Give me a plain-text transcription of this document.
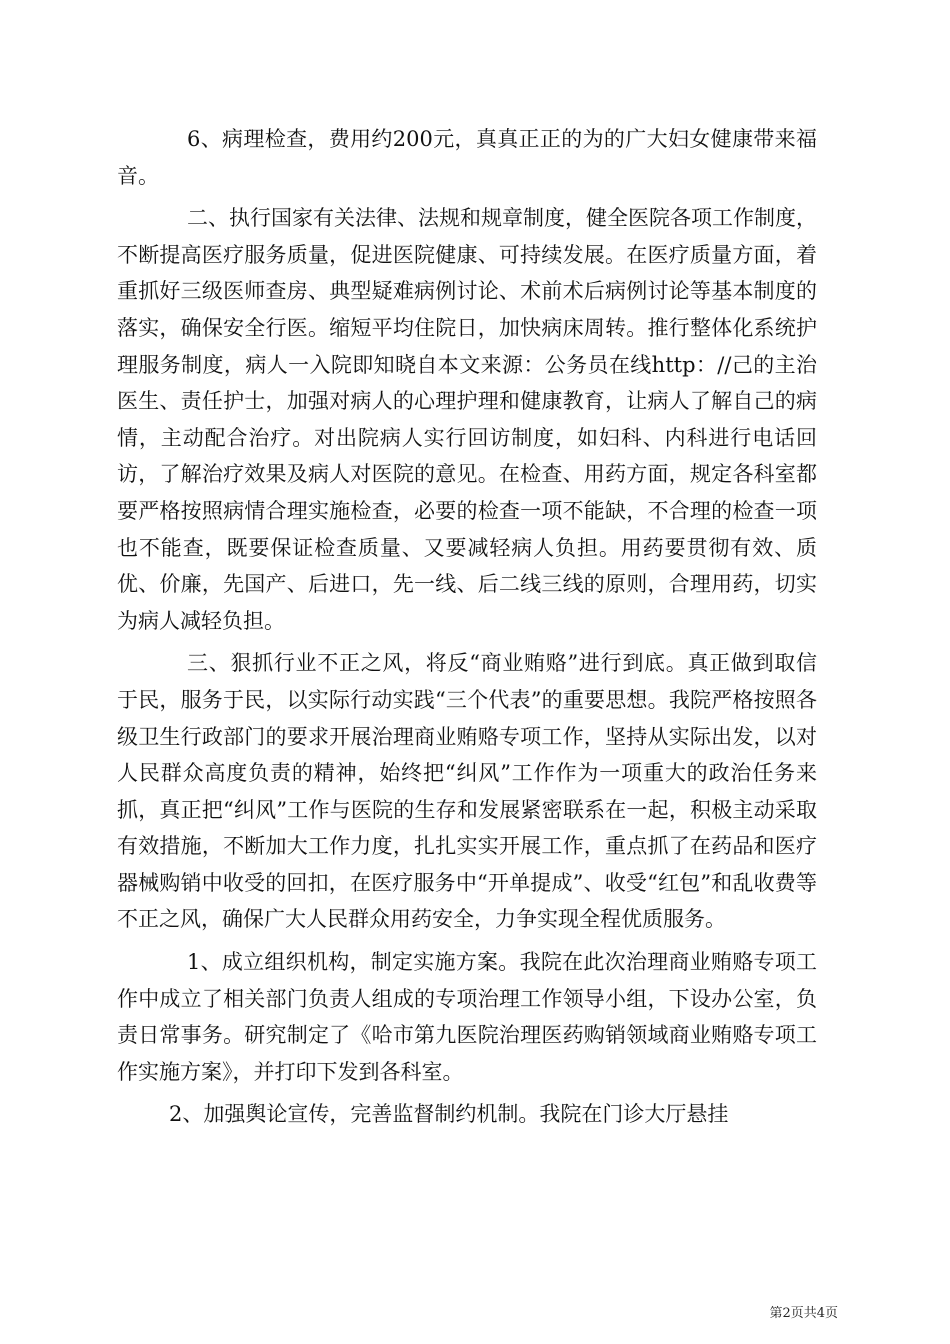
6、病理检查，费用约200元，真真正正的为的广大妇女健康带来福音。

二、执行国家有关法律、法规和规章制度，健全医院各项工作制度，不断提高医疗服务质量，促进医院健康、可持续发展。在医疗质量方面，着重抓好三级医师查房、典型疑难病例讨论、术前术后病例讨论等基本制度的落实，确保安全行医。缩短平均住院日，加快病床周转。推行整体化系统护理服务制度，病人一入院即知晓自本文来源：公务员在线http：//己的主治医生、责任护士，加强对病人的心理护理和健康教育，让病人了解自己的病情，主动配合治疗。对出院病人实行回访制度，如妇科、内科进行电话回访，了解治疗效果及病人对医院的意见。在检查、用药方面，规定各科室都要严格按照病情合理实施检查，必要的检查一项不能缺，不合理的检查一项也不能查，既要保证检查质量、又要减轻病人负担。用药要贯彻有效、质优、价廉，先国产、后进口，先一线、后二线三线的原则，合理用药，切实为病人减轻负担。

三、狠抓行业不正之风，将反“商业贿赂”进行到底。真正做到取信于民，服务于民，以实际行动实践“三个代表”的重要思想。我院严格按照各级卫生行政部门的要求开展治理商业贿赂专项工作，坚持从实际出发，以对人民群众高度负责的精神，始终把“纠风”工作作为一项重大的政治任务来抓，真正把“纠风”工作与医院的生存和发展紧密联系在一起，积极主动采取有效措施，不断加大工作力度，扎扎实实开展工作，重点抓了在药品和医疗器械购销中收受的回扣，在医疗服务中“开单提成”、收受“红包”和乱收费等不正之风，确保广大人民群众用药安全，力争实现全程优质服务。

1、成立组织机构，制定实施方案。我院在此次治理商业贿赂专项工作中成立了相关部门负责人组成的专项治理工作领导小组，下设办公室，负责日常事务。研究制定了《哈市第九医院治理医药购销领域商业贿赂专项工作实施方案》，并打印下发到各科室。

2、加强舆论宣传，完善监督制约机制。我院在门诊大厅悬挂

第2页共4页
